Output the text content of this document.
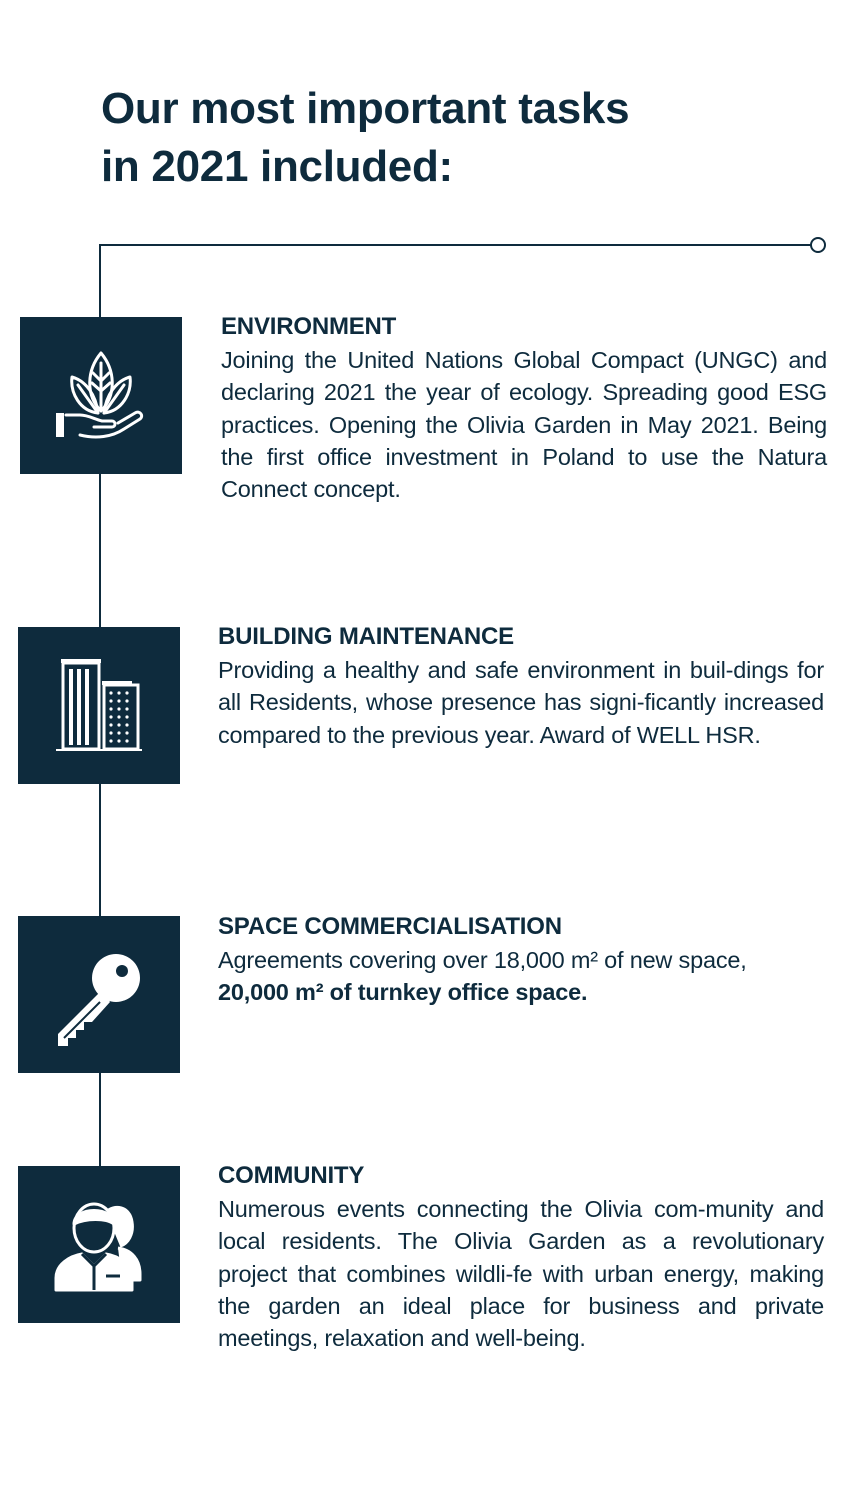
Our most important tasks
in 2021 included:
ENVIRONMENT

Joining the United Nations Global Compact (UNGC) and declaring 2021 the year of ecology. Spreading good ESG practices. Opening the Olivia Garden in May 2021. Being the first office investment in Poland to use the Natura Connect concept.

BUILDING MAINTENANCE

Providing a healthy and safe environment in buil-dings for all Residents, whose presence has signi-ficantly increased compared to the previous year. Award of WELL HSR.

SPACE COMMERCIALISATION

Agreements covering over 18,000 m² of new space,
20,000 m² of turnkey office space.

COMMUNITY

Numerous events connecting the Olivia com-munity and local residents. The Olivia Garden as a revolutionary project that combines wildli-fe with urban energy, making the garden an ideal place for business and private meetings, relaxation and well-being.
